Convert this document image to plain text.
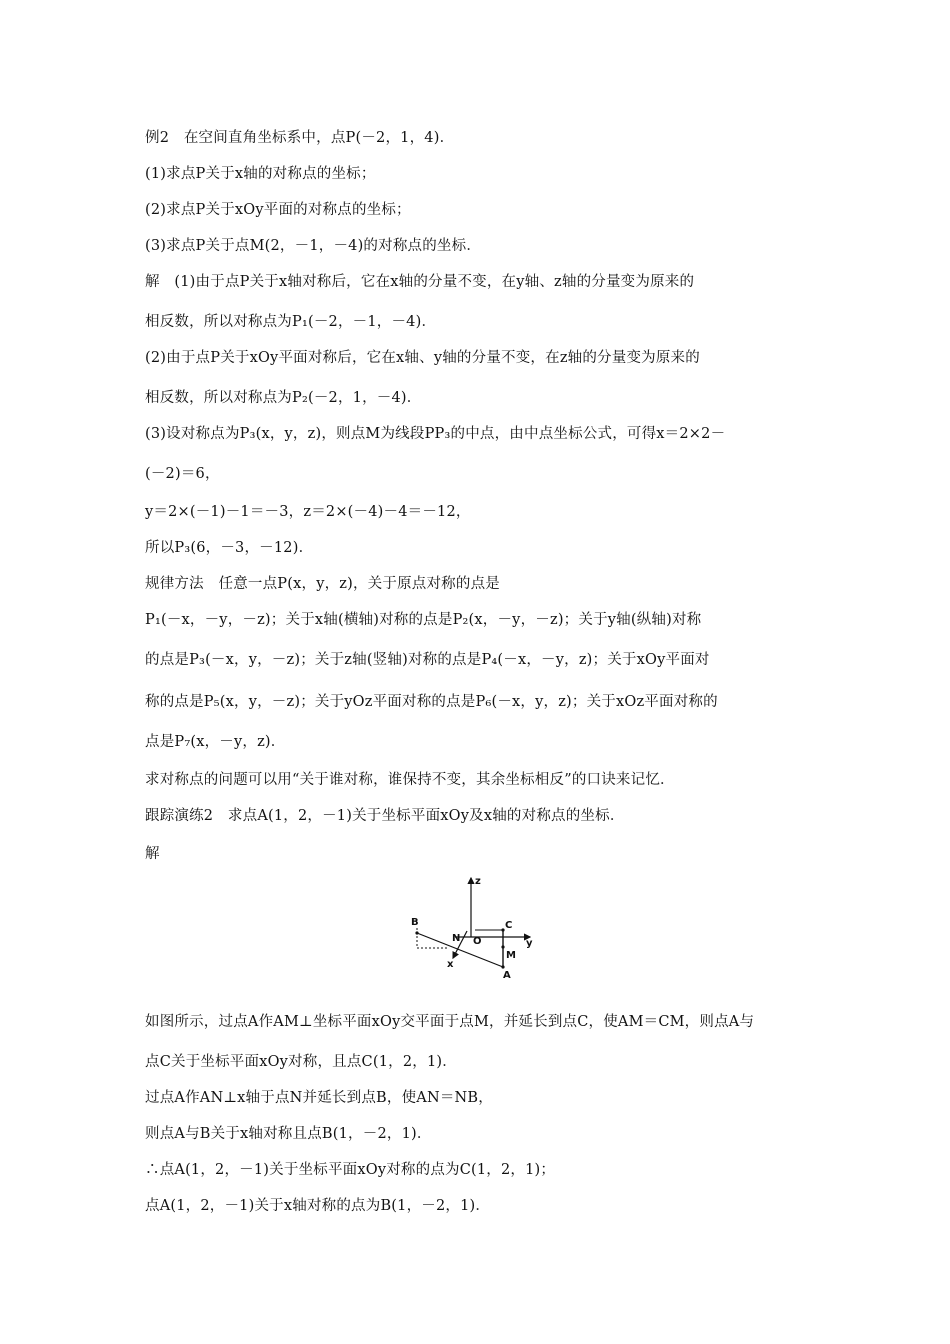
例2　在空间直角坐标系中，点P(－2，1，4)．
(1)求点P关于x轴的对称点的坐标；
(2)求点P关于xOy平面的对称点的坐标；
(3)求点P关于点M(2，－1，－4)的对称点的坐标．
解　(1)由于点P关于x轴对称后，它在x轴的分量不变，在y轴、z轴的分量变为原来的
相反数，所以对称点为P₁(－2，－1，－4)．
(2)由于点P关于xOy平面对称后，它在x轴、y轴的分量不变，在z轴的分量变为原来的
相反数，所以对称点为P₂(－2，1，－4)．
(3)设对称点为P₃(x，y，z)，则点M为线段PP₃的中点，由中点坐标公式，可得x＝2×2－
(－2)＝6，
y＝2×(－1)－1＝－3，z＝2×(－4)－4＝－12，
所以P₃(6，－3，－12)．
规律方法　任意一点P(x，y，z)，关于原点对称的点是
P₁(－x，－y，－z)；关于x轴(横轴)对称的点是P₂(x，－y，－z)；关于y轴(纵轴)对称
的点是P₃(－x，y，－z)；关于z轴(竖轴)对称的点是P₄(－x，－y，z)；关于xOy平面对
称的点是P₅(x，y，－z)；关于yOz平面对称的点是P₆(－x，y，z)；关于xOz平面对称的
点是P₇(x，－y，z)．
求对称点的问题可以用“关于谁对称，谁保持不变，其余坐标相反”的口诀来记忆．
跟踪演练2　求点A(1，2，－1)关于坐标平面xOy及x轴的对称点的坐标．
解
z
B	C
N O	y
M
x
A
如图所示，过点A作AM⊥坐标平面xOy交平面于点M，并延长到点C，使AM＝CM，则点A与
点C关于坐标平面xOy对称，且点C(1，2，1)．
过点A作AN⊥x轴于点N并延长到点B，使AN＝NB，
则点A与B关于x轴对称且点B(1，－2，1)．
∴点A(1，2，－1)关于坐标平面xOy对称的点为C(1，2，1)；
点A(1，2，－1)关于x轴对称的点为B(1，－2，1)．
